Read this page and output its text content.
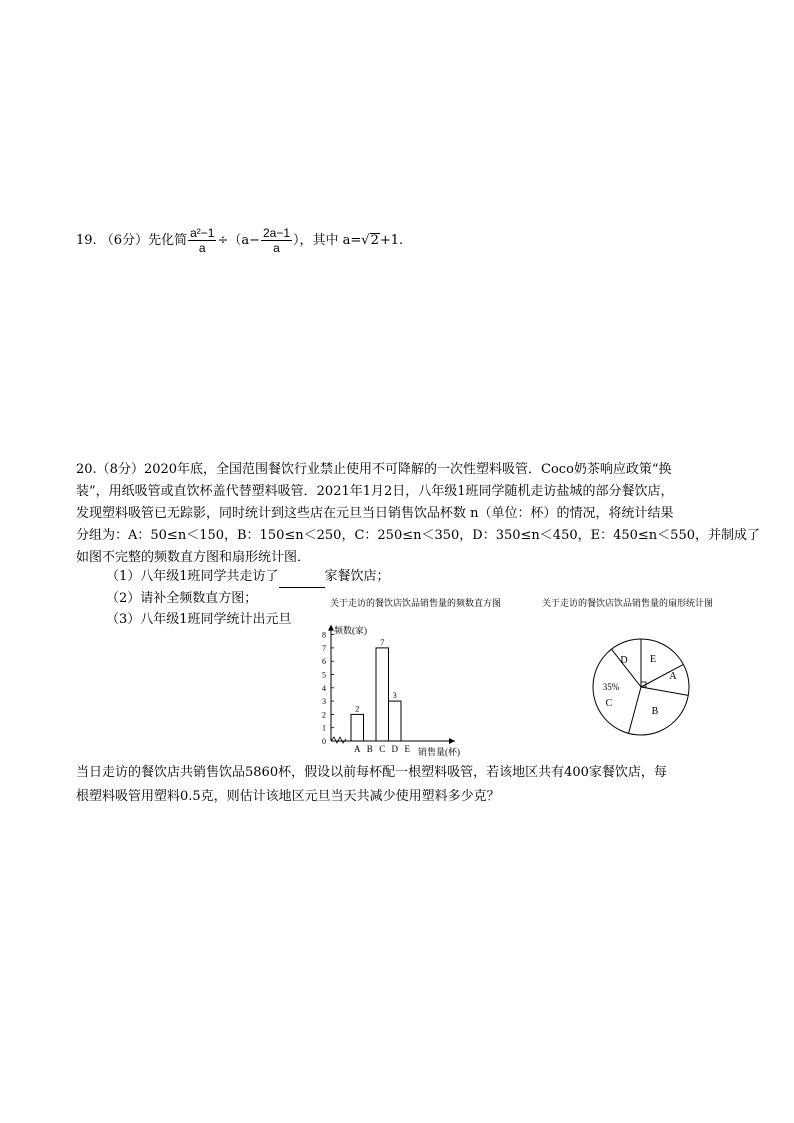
19. （6分）先化简 $\frac{\text{a²−1}}{a} \div(a- \frac{2a-1}{a}$ ），其中 a=√2+1.
20.（8分）2020年底，全国范围餐饮行业禁止使用不可降解的一次性塑料吸管．Coco奶茶响应政策“换
装”，用纸吸管或直饮杯盖代替塑料吸管．2021年1月2日，八年级1班同学随机走访盐城的部分餐饮店，
发现塑料吸管已无踪影，同时统计到这些店在元旦当日销售饮品杯数 n（单位：杯）的情况，将统计结果
分组为：A：50≤n＜150，B：150≤n＜250，C：250≤n＜350，D：350≤n＜450，E：450≤n＜550，并制成了
如图不完整的频数直方图和扇形统计图．
（1）八年级1班同学共走访了	家餐饮店；
（2）请补全频数直方图；
（3）八年级1班同学统计出元旦
关于走访的餐饮店饮品销售量的频数直方图
0
1
2
3
4
5
6
7
8 频数(家)
销售量(杯)
A
2
B C
7
D
3
E
关于走访的餐饮店饮品销售量的扇形统计图
A
B
C
D E
35%
当日走访的餐饮店共销售饮品5860杯，假设以前每杯配一根塑料吸管，若该地区共有400家餐饮店，每
根塑料吸管用塑料0.5克，则估计该地区元旦当天共减少使用塑料多少克？
